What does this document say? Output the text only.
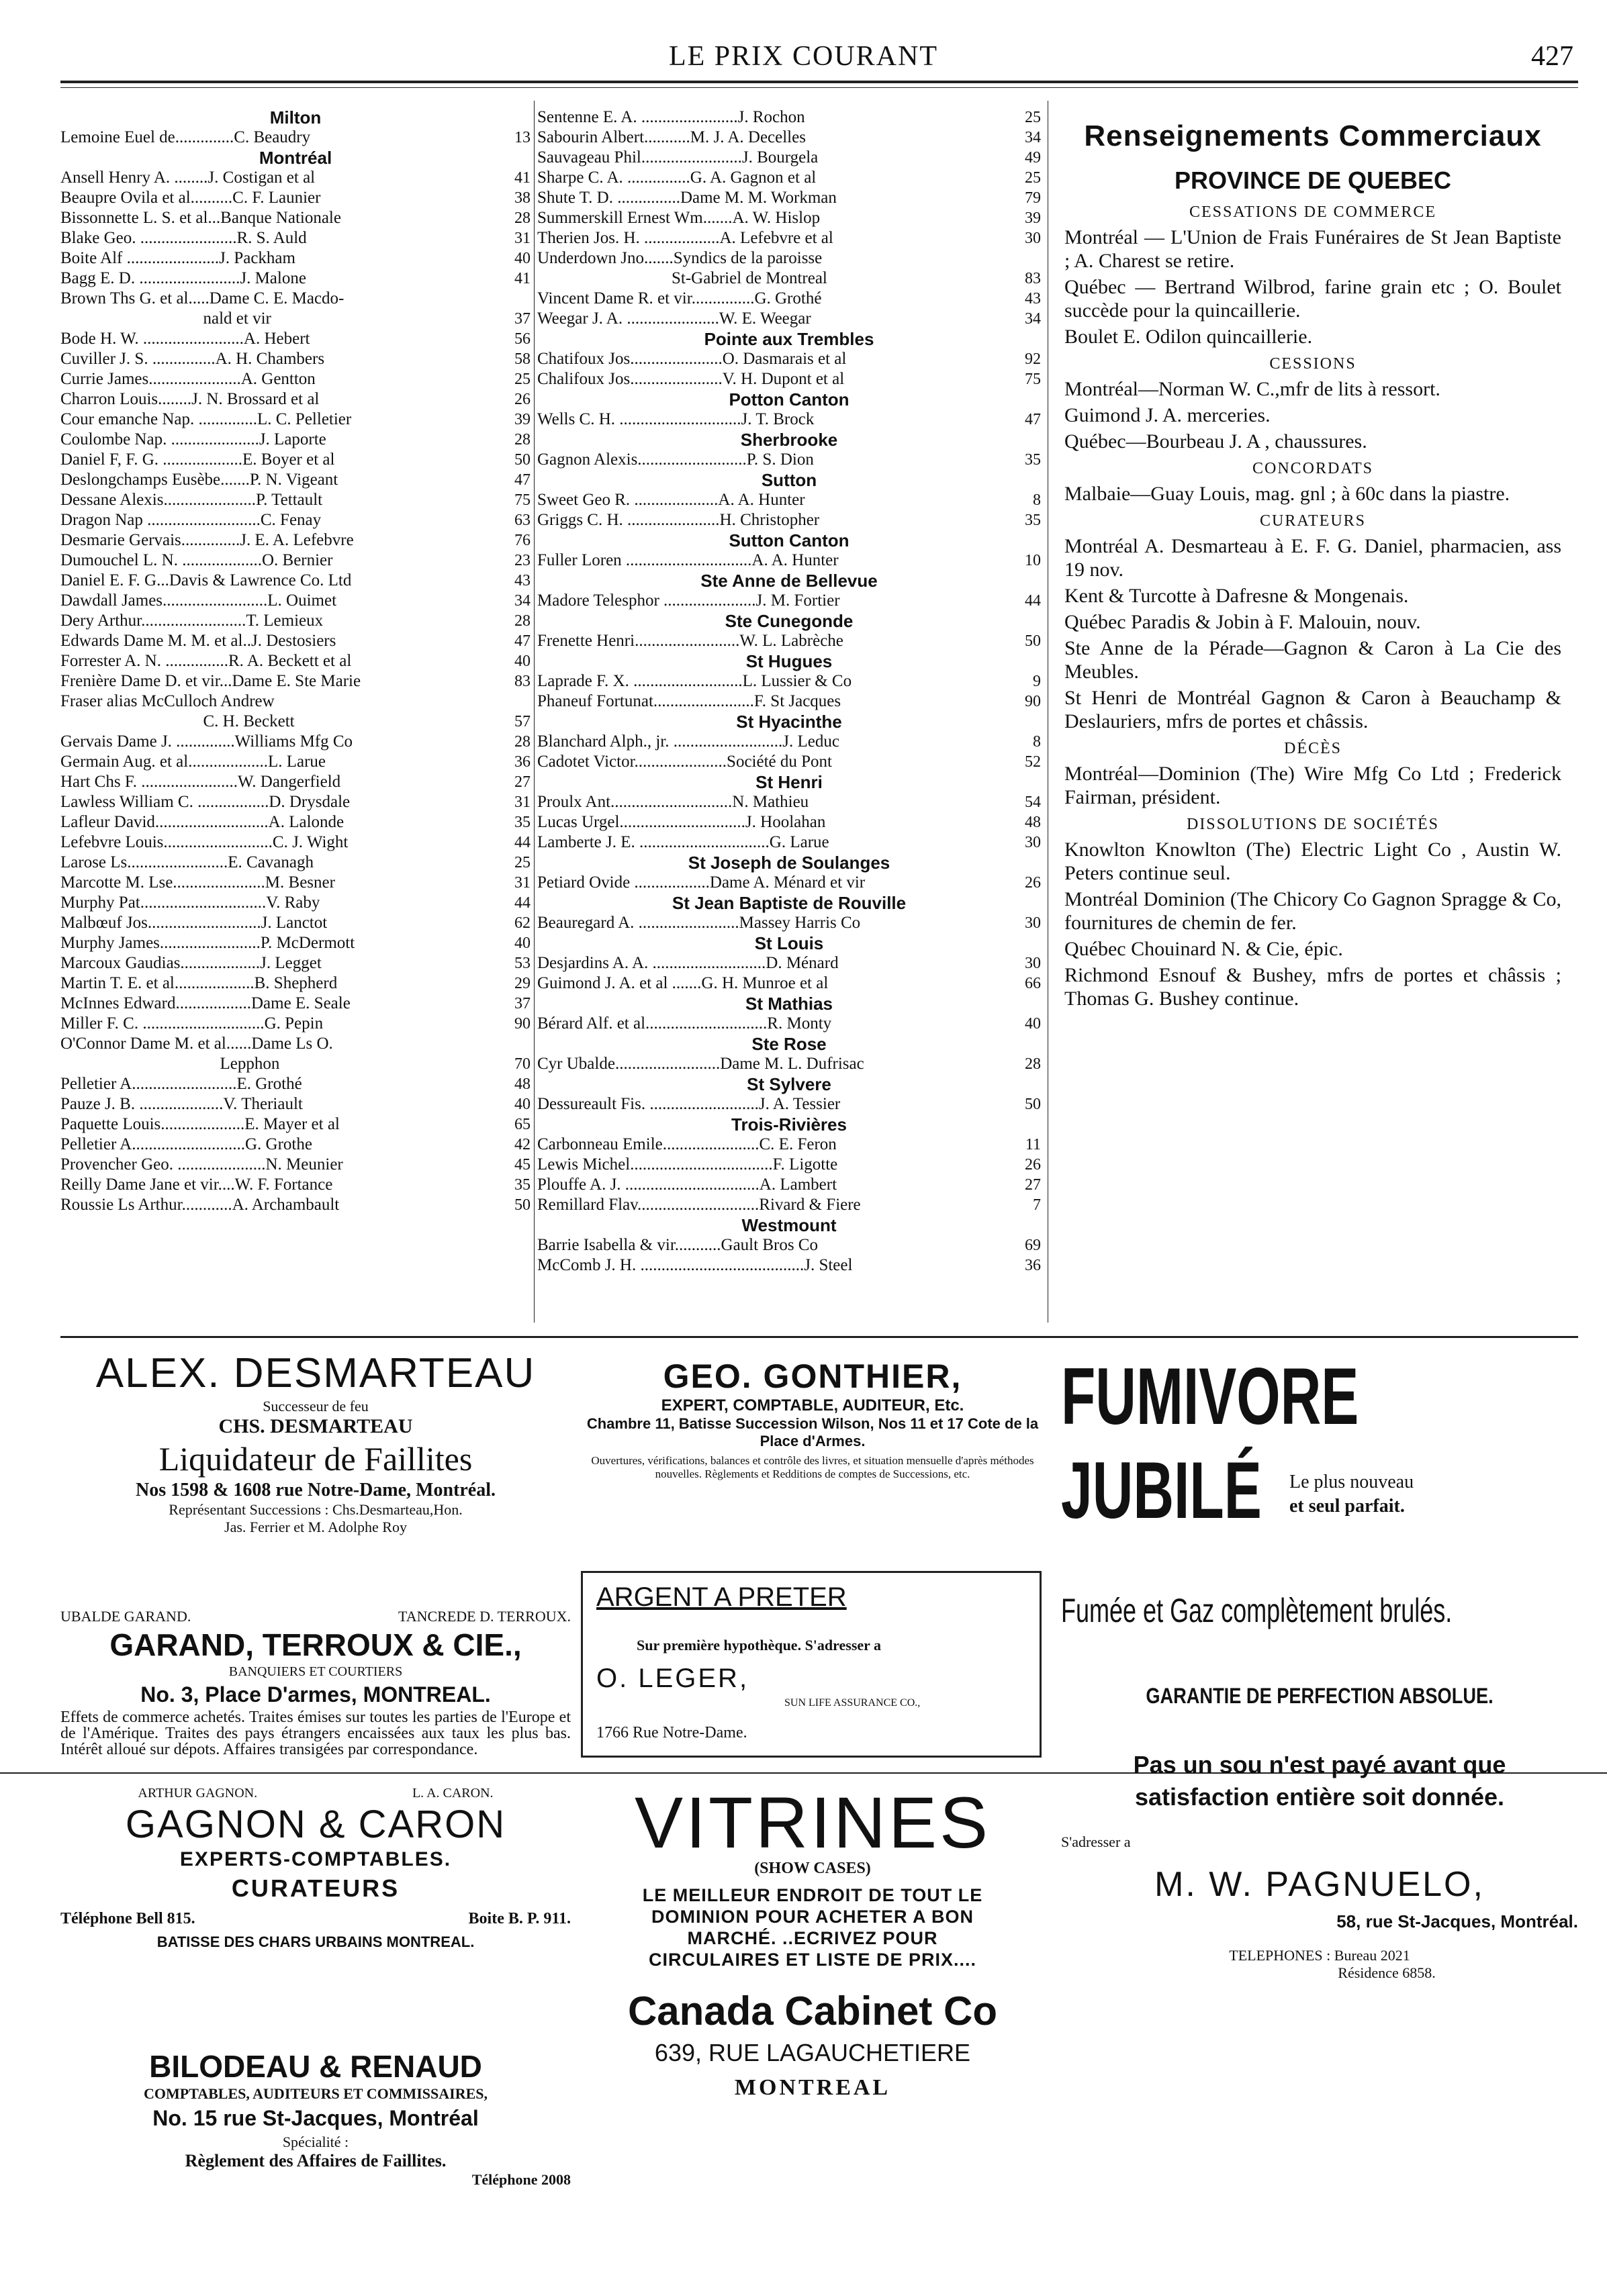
LE PRIX COURANT	427
Milton
Lemoine Euel de..............C. Beaudry	13
Montréal
Ansell Henry A. ........J. Costigan et al	41
Beaupre Ovila et al..........C. F. Launier	38
Bissonnette L. S. et al...Banque Nationale	28
Blake Geo. .......................R. S. Auld	31
Boite Alf ......................J. Packham	40
Bagg E. D. ........................J. Malone	41
Brown Ths G. et al.....Dame C. E. Macdo-
nald et vir	37
Bode H. W. ........................A. Hebert	56
Cuviller J. S. ...............A. H. Chambers	58
Currie James......................A. Gentton	25
Charron Louis........J. N. Brossard et al	26
Cour emanche Nap. ..............L. C. Pelletier	39
Coulombe Nap. .....................J. Laporte	28
Daniel F, F. G. ...................E. Boyer et al	50
Deslongchamps Eusèbe.......P. N. Vigeant	47
Dessane Alexis......................P. Tettault	75
Dragon Nap ...........................C. Fenay	63
Desmarie Gervais..............J. E. A. Lefebvre	76
Dumouchel L. N. ...................O. Bernier	23
Daniel E. F. G...Davis & Lawrence Co. Ltd	43
Dawdall James.........................L. Ouimet	34
Dery Arthur.........................T. Lemieux	28
Edwards Dame M. M. et al..J. Destosiers	47
Forrester A. N. ...............R. A. Beckett et al	40
Frenière Dame D. et vir...Dame E. Ste Marie	83
Fraser alias McCulloch Andrew
C. H. Beckett	57
Gervais Dame J. ..............Williams Mfg Co	28
Germain Aug. et al...................L. Larue	36
Hart Chs F. .......................W. Dangerfield	27
Lawless William C. .................D. Drysdale	31
Lafleur David...........................A. Lalonde	35
Lefebvre Louis..........................C. J. Wight	44
Larose Ls........................E. Cavanagh	25
Marcotte M. Lse......................M. Besner	31
Murphy Pat..............................V. Raby	44
Malbœuf Jos...........................J. Lanctot	62
Murphy James........................P. McDermott	40
Marcoux Gaudias...................J. Legget	53
Martin T. E. et al...................B. Shepherd	29
McInnes Edward..................Dame E. Seale	37
Miller F. C. .............................G. Pepin	90
O'Connor Dame M. et al......Dame Ls O.
Lepphon	70
Pelletier A.........................E. Grothé	48
Pauze J. B. ....................V. Theriault	40
Paquette Louis....................E. Mayer et al	65
Pelletier A...........................G. Grothe	42
Provencher Geo. .....................N. Meunier	45
Reilly Dame Jane et vir....W. F. Fortance	35
Roussie Ls Arthur............A. Archambault	50
Sentenne E. A. .......................J. Rochon	25
Sabourin Albert...........M. J. A. Decelles	34
Sauvageau Phil........................J. Bourgela	49
Sharpe C. A. ...............G. A. Gagnon et al	25
Shute T. D. ...............Dame M. M. Workman	79
Summerskill Ernest Wm.......A. W. Hislop	39
Therien Jos. H. ..................A. Lefebvre et al	30
Underdown Jno.......Syndics de la paroisse
St-Gabriel de Montreal	83
Vincent Dame R. et vir...............G. Grothé	43
Weegar J. A. ......................W. E. Weegar	34
Pointe aux Trembles
Chatifoux Jos......................O. Dasmarais et al	92
Chalifoux Jos......................V. H. Dupont et al	75
Potton Canton
Wells C. H. .............................J. T. Brock	47
Sherbrooke
Gagnon Alexis..........................P. S. Dion	35
Sutton
Sweet Geo R. ....................A. A. Hunter	8
Griggs C. H. ......................H. Christopher	35
Sutton Canton
Fuller Loren ..............................A. A. Hunter	10
Ste Anne de Bellevue
Madore Telesphor ......................J. M. Fortier	44
Ste Cunegonde
Frenette Henri.........................W. L. Labrèche	50
St Hugues
Laprade F. X. ..........................L. Lussier & Co	9
Phaneuf Fortunat........................F. St Jacques	90
St Hyacinthe
Blanchard Alph., jr. ..........................J. Leduc	8
Cadotet Victor......................Société du Pont	52
St Henri
Proulx Ant.............................N. Mathieu	54
Lucas Urgel..............................J. Hoolahan	48
Lamberte J. E. ...............................G. Larue	30
St Joseph de Soulanges
Petiard Ovide ..................Dame A. Ménard et vir	26
St Jean Baptiste de Rouville
Beauregard A. ........................Massey Harris Co	30
St Louis
Desjardins A. A. ...........................D. Ménard	30
Guimond J. A. et al .......G. H. Munroe et al	66
St Mathias
Bérard Alf. et al.............................R. Monty	40
Ste Rose
Cyr Ubalde.........................Dame M. L. Dufrisac	28
St Sylvere
Dessureault Fis. ..........................J. A. Tessier	50
Trois-Rivières
Carbonneau Emile.......................C. E. Feron	11
Lewis Michel..................................F. Ligotte	26
Plouffe A. J. ................................A. Lambert	27
Remillard Flav.............................Rivard & Fiere	7
Westmount
Barrie Isabella & vir...........Gault Bros Co	69
McComb J. H. .......................................J. Steel	36
Renseignements Commerciaux
PROVINCE DE QUEBEC
CESSATIONS DE COMMERCE

Montréal — L'Union de Frais Funéraires de St Jean Baptiste ; A. Charest se retire.

Québec — Bertrand Wilbrod, farine grain etc ; O. Boulet succède pour la quincaillerie.

Boulet E. Odilon quincaillerie.

CESSIONS

Montréal—Norman W. C.,mfr de lits à ressort.

Guimond J. A. merceries.

Québec—Bourbeau J. A , chaussures.

CONCORDATS

Malbaie—Guay Louis, mag. gnl ; à 60c dans la piastre.

CURATEURS

Montréal A. Desmarteau à E. F. G. Daniel, pharmacien, ass 19 nov.

Kent & Turcotte à Dafresne & Mongenais.

Québec Paradis & Jobin à F. Malouin, nouv.

Ste Anne de la Pérade—Gagnon & Caron à La Cie des Meubles.

St Henri de Montréal Gagnon & Caron à Beauchamp & Deslauriers, mfrs de portes et châssis.

DÉCÈS

Montréal—Dominion (The) Wire Mfg Co Ltd ; Frederick Fairman, président.

DISSOLUTIONS DE SOCIÉTÉS

Knowlton Knowlton (The) Electric Light Co , Austin W. Peters continue seul.

Montréal Dominion (The Chicory Co Gagnon Spragge & Co, fournitures de chemin de fer.

Québec Chouinard N. & Cie, épic.

Richmond Esnouf & Bushey, mfrs de portes et châssis ; Thomas G. Bushey continue.

ALEX. DESMARTEAU
Successeur de feu
CHS. DESMARTEAU
Liquidateur de Faillites
Nos 1598 & 1608 rue Notre-Dame, Montréal.
Représentant Successions : Chs.Desmarteau,Hon.
Jas. Ferrier et M. Adolphe Roy
UBALDE GARAND.	TANCREDE D. TERROUX.
GARAND, TERROUX & CIE.,
BANQUIERS ET COURTIERS
No. 3, Place D'armes, MONTREAL.
Effets de commerce achetés. Traites émises sur toutes les parties de l'Europe et de l'Amérique. Traites des pays étrangers encaissées aux taux les plus bas. Intérêt alloué sur dépots. Affaires transigées par correspondance.
ARTHUR GAGNON.	L. A. CARON.
GAGNON & CARON
EXPERTS-COMPTABLES.
CURATEURS
Téléphone Bell 815.	Boite B. P. 911.
BATISSE DES CHARS URBAINS MONTREAL.
BILODEAU & RENAUD
COMPTABLES, AUDITEURS ET COMMISSAIRES,
No. 15 rue St-Jacques, Montréal
Spécialité :
Règlement des Affaires de Faillites.
Téléphone 2008
GEO. GONTHIER,
EXPERT, COMPTABLE, AUDITEUR, Etc.
Chambre 11, Batisse Succession Wilson, Nos 11 et 17 Cote de la Place d'Armes.
Ouvertures, vérifications, balances et contrôle des livres, et situation mensuelle d'après méthodes nouvelles. Règlements et Redditions de comptes de Successions, etc.
ARGENT A PRETER
Sur première hypothèque. S'adresser a
O. LEGER,
SUN LIFE ASSURANCE CO.,
1766 Rue Notre-Dame.
VITRINES
(SHOW CASES)
LE MEILLEUR ENDROIT DE TOUT LE DOMINION POUR ACHETER A BON MARCHÉ. ..ECRIVEZ POUR CIRCULAIRES ET LISTE DE PRIX....
Canada Cabinet Co
639, RUE LAGAUCHETIERE
MONTREAL
FUMIVORE
JUBILÉ Le plus nouveau
et seul parfait.
Fumée et Gaz complètement brulés.
GARANTIE DE PERFECTION ABSOLUE.
Pas un sou n'est payé avant que satisfaction entière soit donnée.
S'adresser a
M. W. PAGNUELO,
58, rue St-Jacques, Montréal.
TELEPHONES : Bureau 2021
Résidence 6858.
